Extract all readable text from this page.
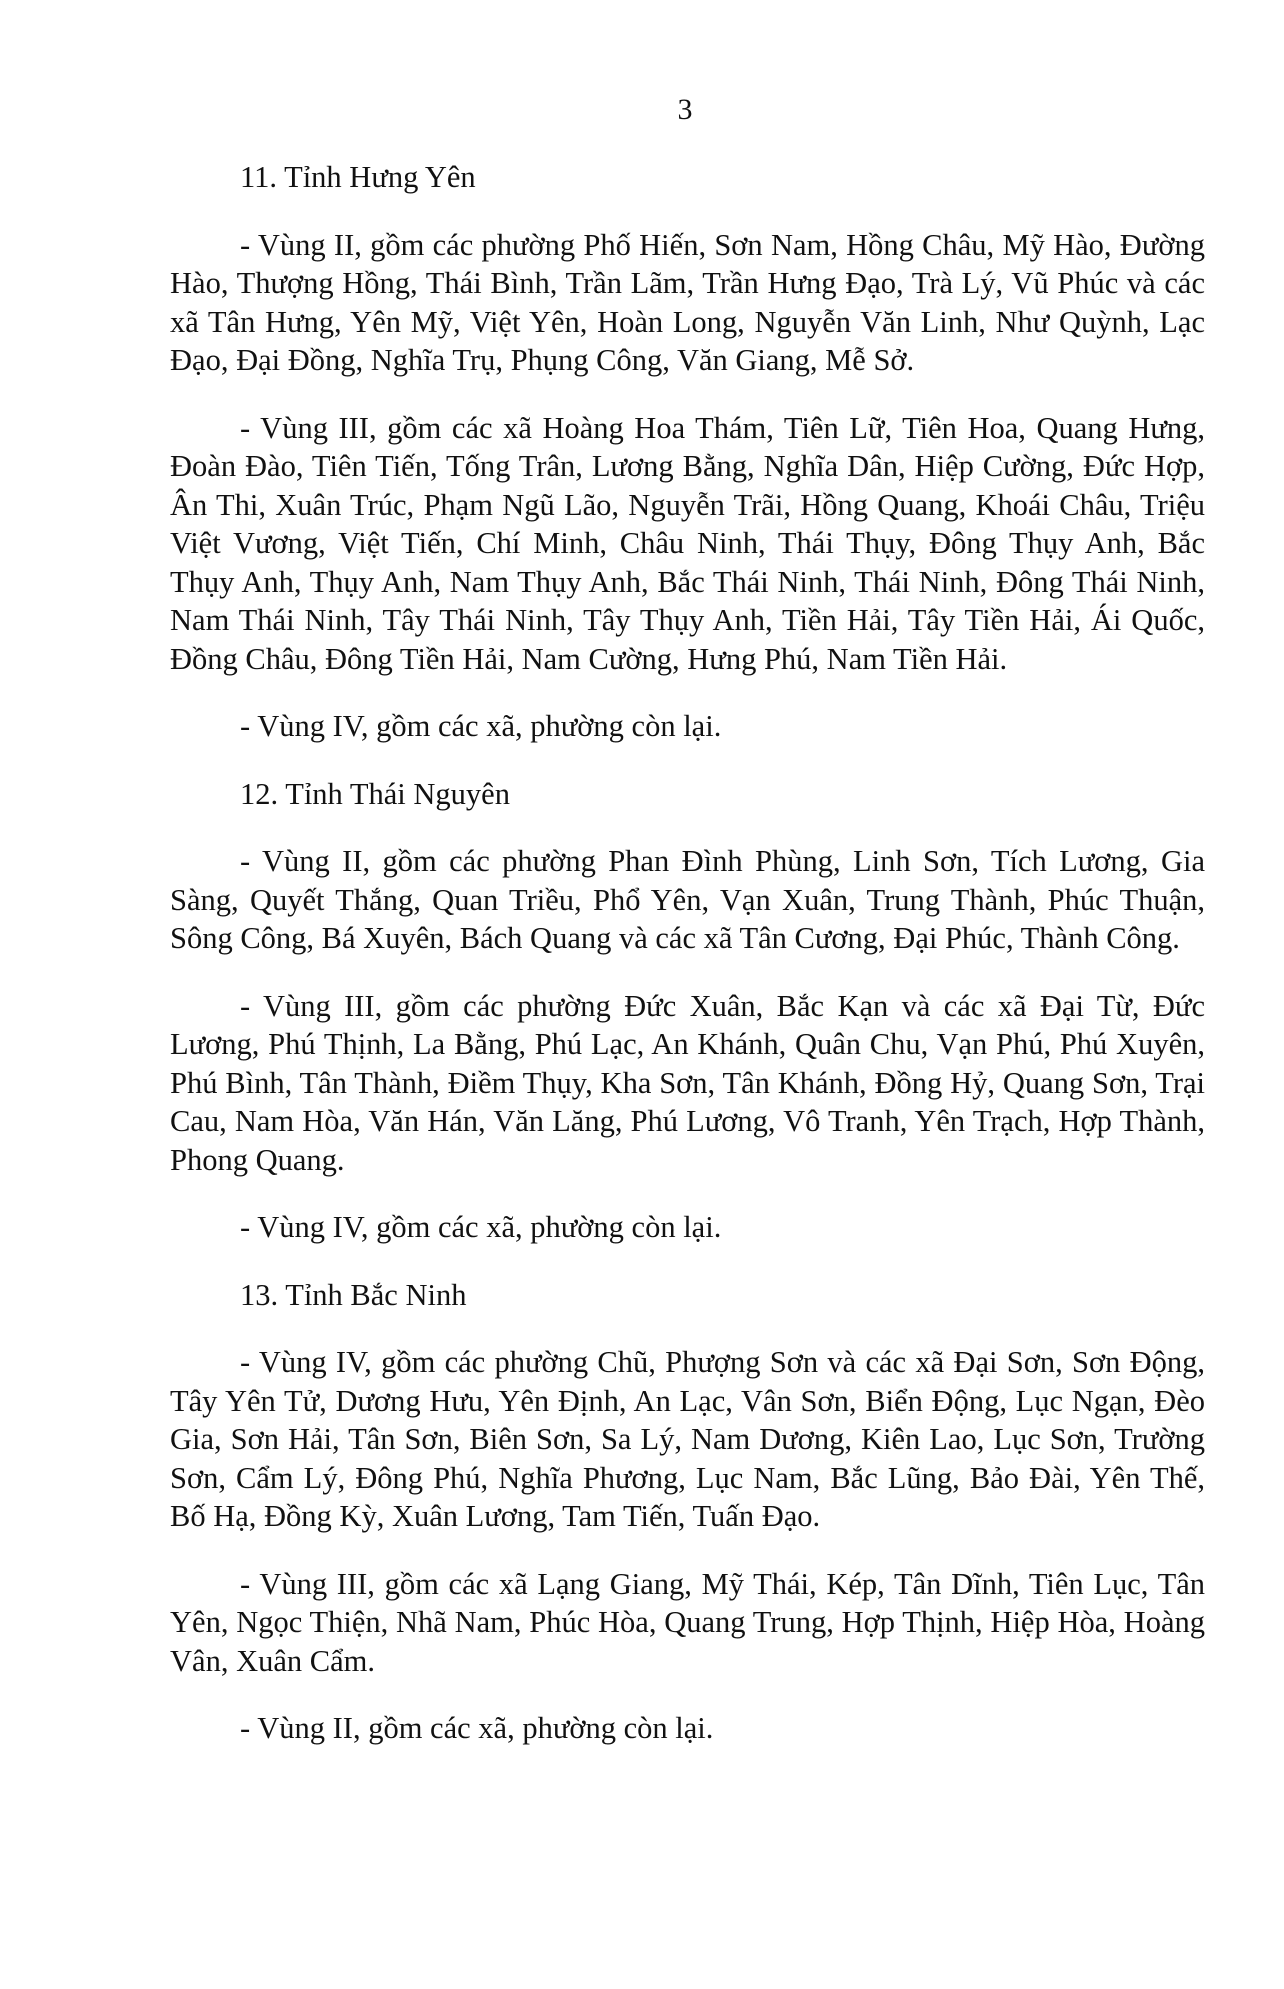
3

11. Tỉnh Hưng Yên

- Vùng II, gồm các phường Phố Hiến, Sơn Nam, Hồng Châu, Mỹ Hào, Đường Hào, Thượng Hồng, Thái Bình, Trần Lãm, Trần Hưng Đạo, Trà Lý, Vũ Phúc và các xã Tân Hưng, Yên Mỹ, Việt Yên, Hoàn Long, Nguyễn Văn Linh, Như Quỳnh, Lạc Đạo, Đại Đồng, Nghĩa Trụ, Phụng Công, Văn Giang, Mễ Sở.

- Vùng III, gồm các xã Hoàng Hoa Thám, Tiên Lữ, Tiên Hoa, Quang Hưng, Đoàn Đào, Tiên Tiến, Tống Trân, Lương Bằng, Nghĩa Dân, Hiệp Cường, Đức Hợp, Ân Thi, Xuân Trúc, Phạm Ngũ Lão, Nguyễn Trãi, Hồng Quang, Khoái Châu, Triệu Việt Vương, Việt Tiến, Chí Minh, Châu Ninh, Thái Thụy, Đông Thụy Anh, Bắc Thụy Anh, Thụy Anh, Nam Thụy Anh, Bắc Thái Ninh, Thái Ninh, Đông Thái Ninh, Nam Thái Ninh, Tây Thái Ninh, Tây Thụy Anh, Tiền Hải, Tây Tiền Hải, Ái Quốc, Đồng Châu, Đông Tiền Hải, Nam Cường, Hưng Phú, Nam Tiền Hải.

- Vùng IV, gồm các xã, phường còn lại.

12. Tỉnh Thái Nguyên

- Vùng II, gồm các phường Phan Đình Phùng, Linh Sơn, Tích Lương, Gia Sàng, Quyết Thắng, Quan Triều, Phổ Yên, Vạn Xuân, Trung Thành, Phúc Thuận, Sông Công, Bá Xuyên, Bách Quang và các xã Tân Cương, Đại Phúc, Thành Công.

- Vùng III, gồm các phường Đức Xuân, Bắc Kạn và các xã Đại Từ, Đức Lương, Phú Thịnh, La Bằng, Phú Lạc, An Khánh, Quân Chu, Vạn Phú, Phú Xuyên, Phú Bình, Tân Thành, Điềm Thụy, Kha Sơn, Tân Khánh, Đồng Hỷ, Quang Sơn, Trại Cau, Nam Hòa, Văn Hán, Văn Lăng, Phú Lương, Vô Tranh, Yên Trạch, Hợp Thành, Phong Quang.

- Vùng IV, gồm các xã, phường còn lại.

13. Tỉnh Bắc Ninh

- Vùng IV, gồm các phường Chũ, Phượng Sơn và các xã Đại Sơn, Sơn Động, Tây Yên Tử, Dương Hưu, Yên Định, An Lạc, Vân Sơn, Biển Động, Lục Ngạn, Đèo Gia, Sơn Hải, Tân Sơn, Biên Sơn, Sa Lý, Nam Dương, Kiên Lao, Lục Sơn, Trường Sơn, Cẩm Lý, Đông Phú, Nghĩa Phương, Lục Nam, Bắc Lũng, Bảo Đài, Yên Thế, Bố Hạ, Đồng Kỳ, Xuân Lương, Tam Tiến, Tuấn Đạo.

- Vùng III, gồm các xã Lạng Giang, Mỹ Thái, Kép, Tân Dĩnh, Tiên Lục, Tân Yên, Ngọc Thiện, Nhã Nam, Phúc Hòa, Quang Trung, Hợp Thịnh, Hiệp Hòa, Hoàng Vân, Xuân Cẩm.

- Vùng II, gồm các xã, phường còn lại.
